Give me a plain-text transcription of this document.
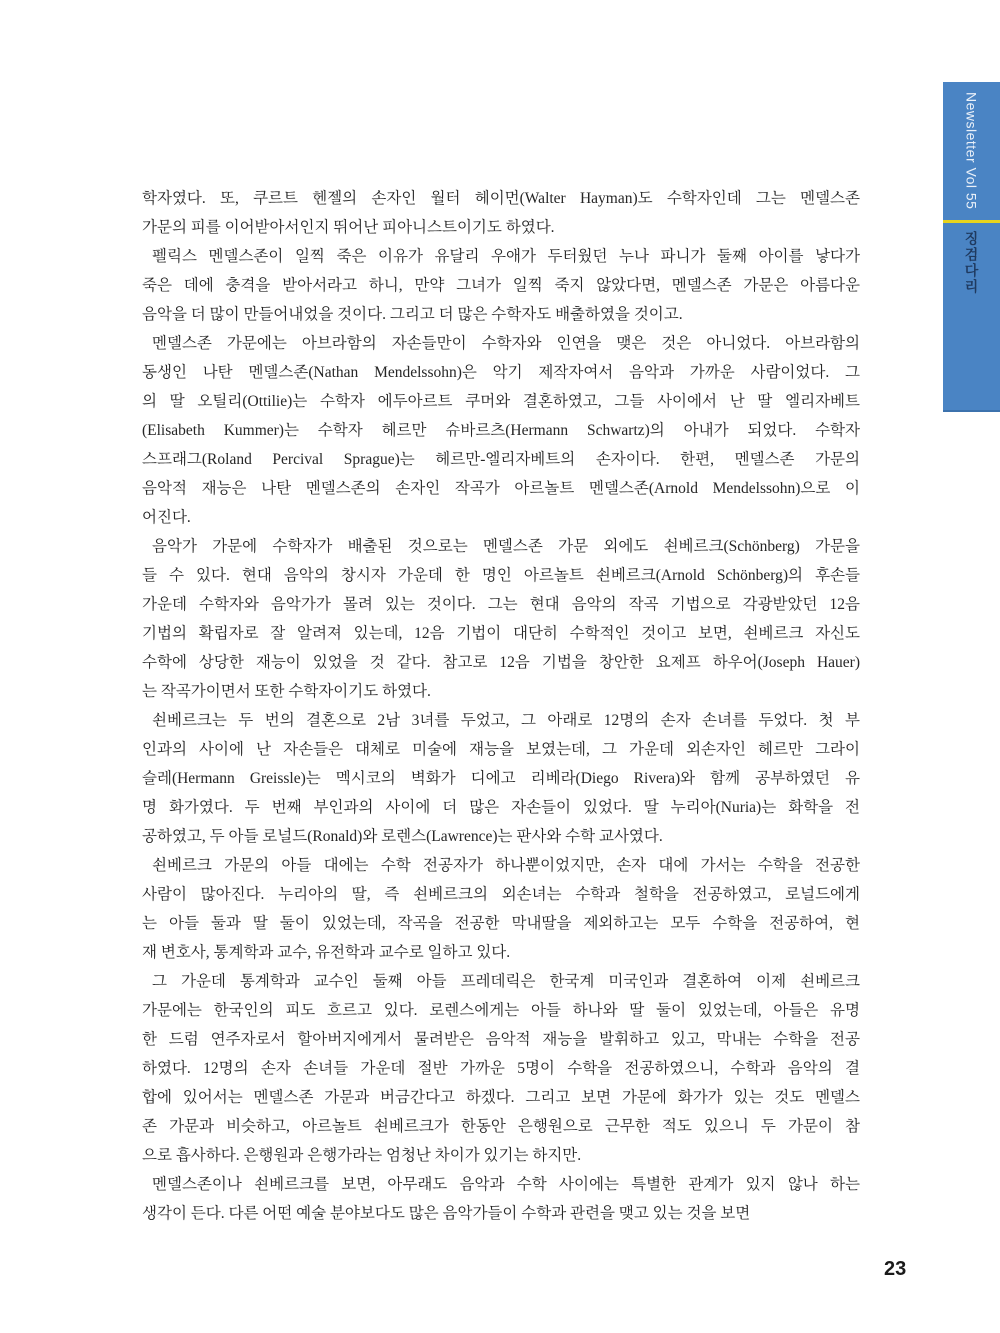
학자였다. 또, 쿠르트 헨젤의 손자인 월터 헤이먼(Walter Hayman)도 수학자인데 그는 멘델스존
가문의 피를 이어받아서인지 뛰어난 피아니스트이기도 하였다.
펠릭스 멘델스존이 일찍 죽은 이유가 유달리 우애가 두터웠던 누나 파니가 둘째 아이를 낳다가
죽은 데에 충격을 받아서라고 하니, 만약 그녀가 일찍 죽지 않았다면, 멘델스존 가문은 아름다운
음악을 더 많이 만들어내었을 것이다. 그리고 더 많은 수학자도 배출하였을 것이고.
멘델스존 가문에는 아브라함의 자손들만이 수학자와 인연을 맺은 것은 아니었다. 아브라함의
동생인 나탄 멘델스존(Nathan Mendelssohn)은 악기 제작자여서 음악과 가까운 사람이었다. 그
의 딸 오틸리(Ottilie)는 수학자 에두아르트 쿠머와 결혼하였고, 그들 사이에서 난 딸 엘리자베트
(Elisabeth Kummer)는 수학자 헤르만 슈바르츠(Hermann Schwartz)의 아내가 되었다. 수학자
스프래그(Roland Percival Sprague)는 헤르만-엘리자베트의 손자이다. 한편, 멘델스존 가문의
음악적 재능은 나탄 멘델스존의 손자인 작곡가 아르놀트 멘델스존(Arnold Mendelssohn)으로 이
어진다.
음악가 가문에 수학자가 배출된 것으로는 멘델스존 가문 외에도 쇤베르크(Schönberg) 가문을
들 수 있다. 현대 음악의 창시자 가운데 한 명인 아르놀트 쇤베르크(Arnold Schönberg)의 후손들
가운데 수학자와 음악가가 몰려 있는 것이다. 그는 현대 음악의 작곡 기법으로 각광받았던 12음
기법의 확립자로 잘 알려져 있는데, 12음 기법이 대단히 수학적인 것이고 보면, 쇤베르크 자신도
수학에 상당한 재능이 있었을 것 같다. 참고로 12음 기법을 창안한 요제프 하우어(Joseph Hauer)
는 작곡가이면서 또한 수학자이기도 하였다.
쇤베르크는 두 번의 결혼으로 2남 3녀를 두었고, 그 아래로 12명의 손자 손녀를 두었다. 첫 부
인과의 사이에 난 자손들은 대체로 미술에 재능을 보였는데, 그 가운데 외손자인 헤르만 그라이
슬레(Hermann Greissle)는 멕시코의 벽화가 디에고 리베라(Diego Rivera)와 함께 공부하였던 유
명 화가였다. 두 번째 부인과의 사이에 더 많은 자손들이 있었다. 딸 누리아(Nuria)는 화학을 전
공하였고, 두 아들 로널드(Ronald)와 로렌스(Lawrence)는 판사와 수학 교사였다.
쇤베르크 가문의 아들 대에는 수학 전공자가 하나뿐이었지만, 손자 대에 가서는 수학을 전공한
사람이 많아진다. 누리아의 딸, 즉 쇤베르크의 외손녀는 수학과 철학을 전공하였고, 로널드에게
는 아들 둘과 딸 둘이 있었는데, 작곡을 전공한 막내딸을 제외하고는 모두 수학을 전공하여, 현
재 변호사, 통계학과 교수, 유전학과 교수로 일하고 있다.
그 가운데 통계학과 교수인 둘째 아들 프레데릭은 한국계 미국인과 결혼하여 이제 쇤베르크
가문에는 한국인의 피도 흐르고 있다. 로렌스에게는 아들 하나와 딸 둘이 있었는데, 아들은 유명
한 드럼 연주자로서 할아버지에게서 물려받은 음악적 재능을 발휘하고 있고, 막내는 수학을 전공
하였다. 12명의 손자 손녀들 가운데 절반 가까운 5명이 수학을 전공하였으니, 수학과 음악의 결
합에 있어서는 멘델스존 가문과 버금간다고 하겠다. 그리고 보면 가문에 화가가 있는 것도 멘델스
존 가문과 비슷하고, 아르놀트 쇤베르크가 한동안 은행원으로 근무한 적도 있으니 두 가문이 참
으로 흡사하다. 은행원과 은행가라는 엄청난 차이가 있기는 하지만.
멘델스존이나 쇤베르크를 보면, 아무래도 음악과 수학 사이에는 특별한 관계가 있지 않나 하는
생각이 든다. 다른 어떤 예술 분야보다도 많은 음악가들이 수학과 관련을 맺고 있는 것을 보면
Newsletter Vol 55
징검다리
23
